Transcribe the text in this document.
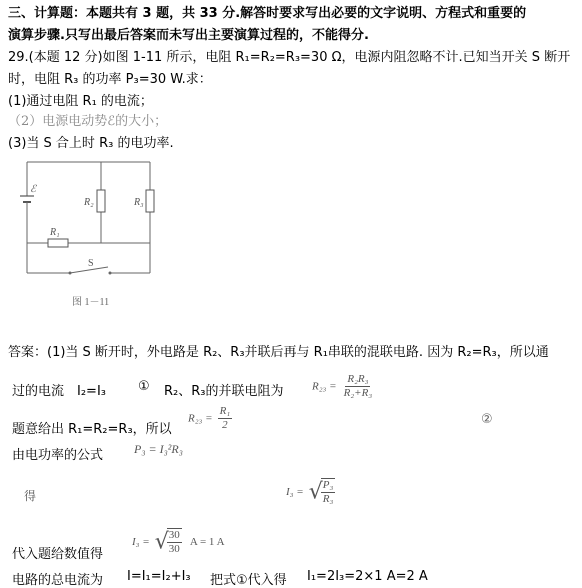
三、计算题：本题共有 3 题，共 33 分.解答时要求写出必要的文字说明、方程式和重要的
演算步骤.只写出最后答案而未写出主要演算过程的，不能得分.
29.(本题 12 分)如图 1-11 所示，电阻 R₁=R₂=R₃=30 Ω，电源内阻忽略不计.已知当开关 S 断开
时，电阻 R₃ 的功率 P₃=30 W.求：
(1)通过电阻 R₁ 的电流；
（2）电源电动势ℰ的大小；
(3)当 S 合上时 R₃ 的电功率.
ℰ
R₂	R₃
R₁
S
图 1－11
答案：(1)当 S 断开时，外电路是 R₂、R₃并联后再与 R₁串联的混联电路. 因为 R₂=R₃，所以通
过的电流　I₂=I₃ ① R₂、R₃的并联电阻为	$R_{23} = \frac{\text{R₂R₃}}{\text{R₂+R₃}}$
题意给出 R₁=R₂=R₃，所以
$R_{23} = \frac{\text{R₁}}{2}$	②
由电功率的公式	P₃ = I₃²R₃
得	I₃ = √
$\frac{\text{P₃}}{\text{R₃}}$
代入题给数值得
I₃ = √
$\frac{30}{30}$ A = 1 A
电路的总电流为 I=I₁=I₂+I₃ 把式①代入得 I₁=2I₃=2×1 A=2 A
